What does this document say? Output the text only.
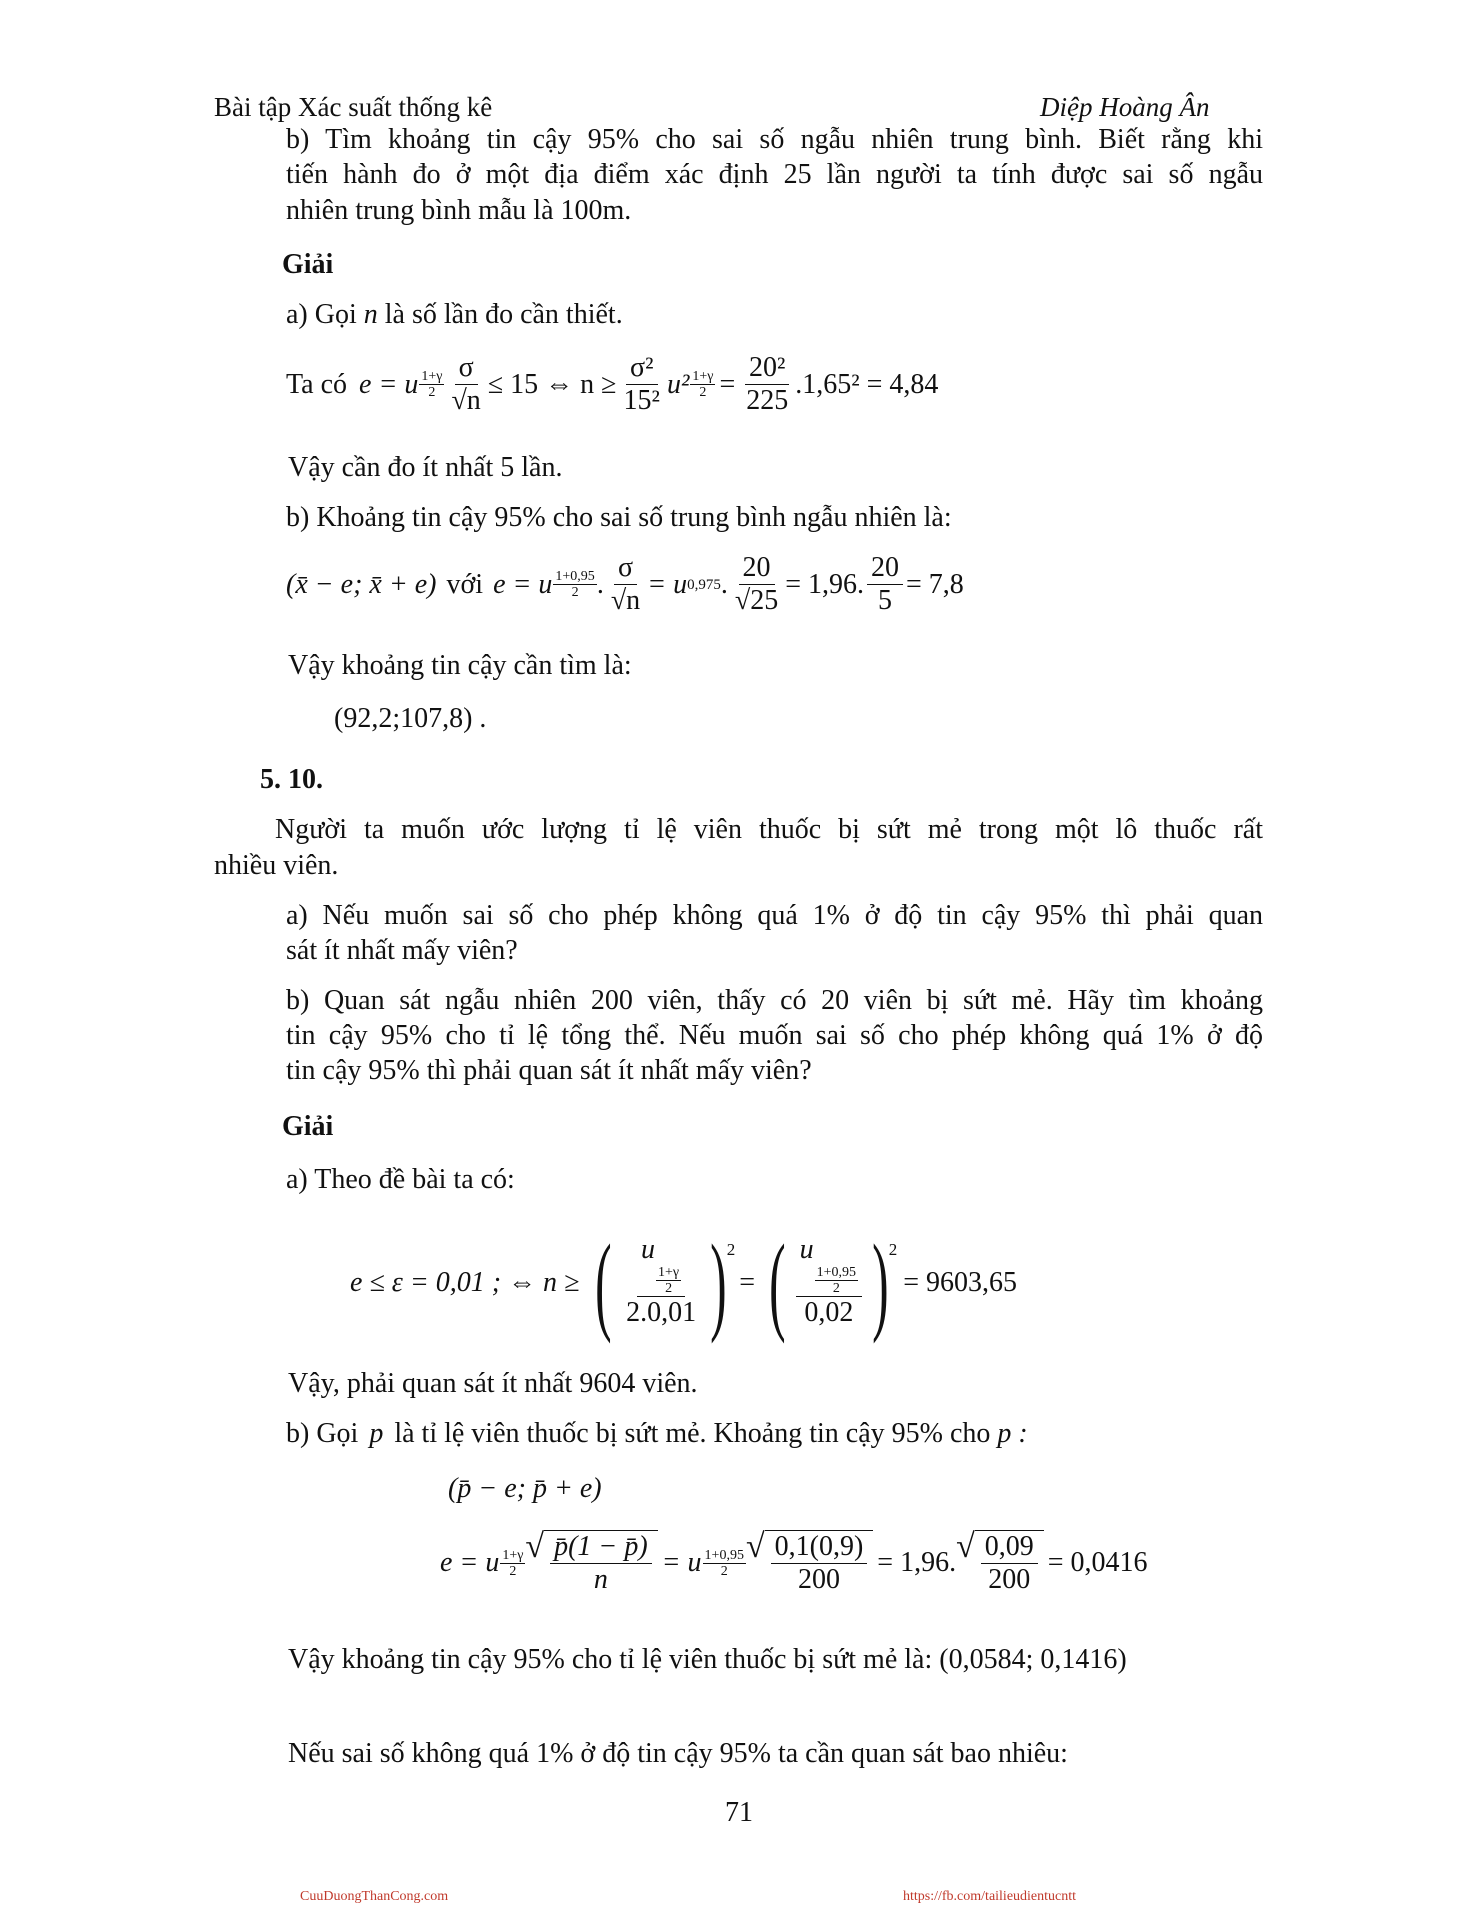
Bài tập Xác suất thống kê	Diệp Hoàng Ân
b) Tìm khoảng tin cậy 95% cho sai số ngẫu nhiên trung bình. Biết rằng khi
tiến hành đo ở một địa điểm xác định 25 lần người ta tính được sai số ngẫu
nhiên trung bình mẫu là 100m.
Giải
a) Gọi n là số lần đo cần thiết.
Ta có e = u 1+γ
$2 \frac{\sigma}{√n} \le 15$ ⇔ $n \ge \frac{\text{σ²}}{\text{15²}} u^2 \frac{1+\gamma}{2} = \frac{\text{20²}}{225} .1,65^2 = 4,84$
Vậy cần đo ít nhất 5 lần.
b) Khoảng tin cậy 95% cho sai số trung bình ngẫu nhiên là:
(x̄ − e; x̄ + e) với e = u 1+0,95
2 . $\frac{\sigma}{√n} = u$ 0,975 . $\frac{20}{√25} = 1,96$. $\frac{20}{5} = 7,8$
Vậy khoảng tin cậy cần tìm là:
(92,2;107,8) .
5. 10.
Người ta muốn ước lượng tỉ lệ viên thuốc bị sứt mẻ trong một lô thuốc rất
nhiều viên.
a) Nếu muốn sai số cho phép không quá 1% ở độ tin cậy 95% thì phải quan
sát ít nhất mấy viên?
b) Quan sát ngẫu nhiên 200 viên, thấy có 20 viên bị sứt mẻ. Hãy tìm khoảng
tin cậy 95% cho tỉ lệ tổng thể. Nếu muốn sai số cho phép không quá 1% ở độ
tin cậy 95% thì phải quan sát ít nhất mấy viên?
Giải
a) Theo đề bài ta có:
e ≤ ε = 0,01 ; ⇔ n ≥ ( u
$\frac{1+\gamma}{2}$
2.0,01 ) 2
= ( u
$\frac{1+0,95}{2}$
0,02 ) 2
= 9603,65
Vậy, phải quan sát ít nhất 9604 viên.
b) Gọi p là tỉ lệ viên thuốc bị sứt mẻ. Khoảng tin cậy 95% cho p :
(p̄ − e; p̄ + e)
e = u 1+γ
2
√ $\frac{p̄(1 - p̄)}{n} = u$ 1+0,95
2
√ $\frac{0,1(0,9)}{200} = 1,96$. √ $\frac{0,09}{200} = 0,0416$
Vậy khoảng tin cậy 95% cho tỉ lệ viên thuốc bị sứt mẻ là: (0,0584; 0,1416)
Nếu sai số không quá 1% ở độ tin cậy 95% ta cần quan sát bao nhiêu:
71
CuuDuongThanCong.com	https://fb.com/tailieudientucntt
